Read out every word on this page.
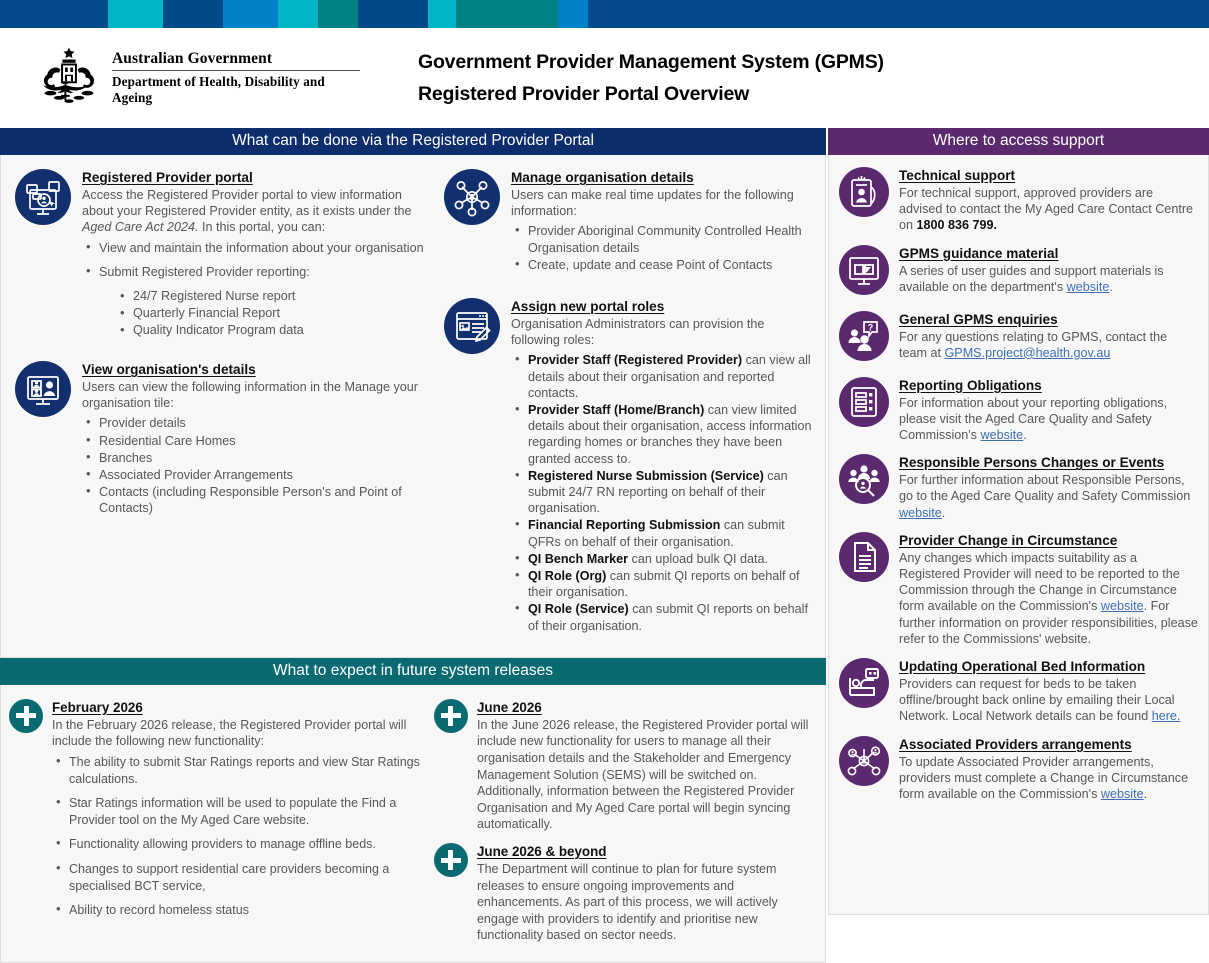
Australian Government
Department of Health, Disability and Ageing
Government Provider Management System (GPMS)
Registered Provider Portal Overview
What can be done via the Registered Provider Portal
Registered Provider portal

Access the Registered Provider portal to view information about your Registered Provider entity, as it exists under the Aged Care Act 2024. In this portal, you can:

• View and maintain the information about your organisation
• Submit Registered Provider reporting:
• 24/7 Registered Nurse report
• Quarterly Financial Report
• Quality Indicator Program data
View organisation's details

Users can view the following information in the Manage your organisation tile:

• Provider details
• Residential Care Homes
• Branches
• Associated Provider Arrangements
• Contacts (including Responsible Person's and Point of Contacts)
Manage organisation details

Users can make real time updates for the following information:

• Provider Aboriginal Community Controlled Health Organisation details
• Create, update and cease Point of Contacts
Assign new portal roles

Organisation Administrators can provision the following roles:

• Provider Staff (Registered Provider) can view all details about their organisation and reported contacts.
• Provider Staff (Home/Branch) can view limited details about their organisation, access information regarding homes or branches they have been granted access to.
• Registered Nurse Submission (Service) can submit 24/7 RN reporting on behalf of their organisation.
• Financial Reporting Submission can submit QFRs on behalf of their organisation.
• QI Bench Marker can upload bulk QI data.
• QI Role (Org) can submit QI reports on behalf of their organisation.
• QI Role (Service) can submit QI reports on behalf of their organisation.
What to expect in future system releases
February 2026

In the February 2026 release, the Registered Provider portal will include the following new functionality:

• The ability to submit Star Ratings reports and view Star Ratings calculations.
• Star Ratings information will be used to populate the Find a Provider tool on the My Aged Care website.
• Functionality allowing providers to manage offline beds.
• Changes to support residential care providers becoming a specialised BCT service,
• Ability to record homeless status
June 2026

In the June 2026 release, the Registered Provider portal will include new functionality for users to manage all their organisation details and the Stakeholder and Emergency Management Solution (SEMS) will be switched on. Additionally, information between the Registered Provider Organisation and My Aged Care portal will begin syncing automatically.

June 2026 & beyond

The Department will continue to plan for future system releases to ensure ongoing improvements and enhancements. As part of this process, we will actively engage with providers to identify and prioritise new functionality based on sector needs.

Where to access support
Technical support

For technical support, approved providers are advised to contact the My Aged Care Contact Centre on 1800 836 799.

GPMS guidance material

A series of user guides and support materials is available on the department's website.

?
General GPMS enquiries

For any questions relating to GPMS, contact the team at GPMS.project@health.gov.au

Reporting Obligations

For information about your reporting obligations, please visit the Aged Care Quality and Safety Commission's website.

Responsible Persons Changes or Events

For further information about Responsible Persons, go to the Aged Care Quality and Safety Commission website.

Provider Change in Circumstance

Any changes which impacts suitability as a Registered Provider will need to be reported to the Commission through the Change in Circumstance form available on the Commission's website. For further information on provider responsibilities, please refer to the Commissions' website.

Updating Operational Bed Information

Providers can request for beds to be taken offline/brought back online by emailing their Local Network. Local Network details can be found here.

Associated Providers arrangements

To update Associated Provider arrangements, providers must complete a Change in Circumstance form available on the Commission's website.
